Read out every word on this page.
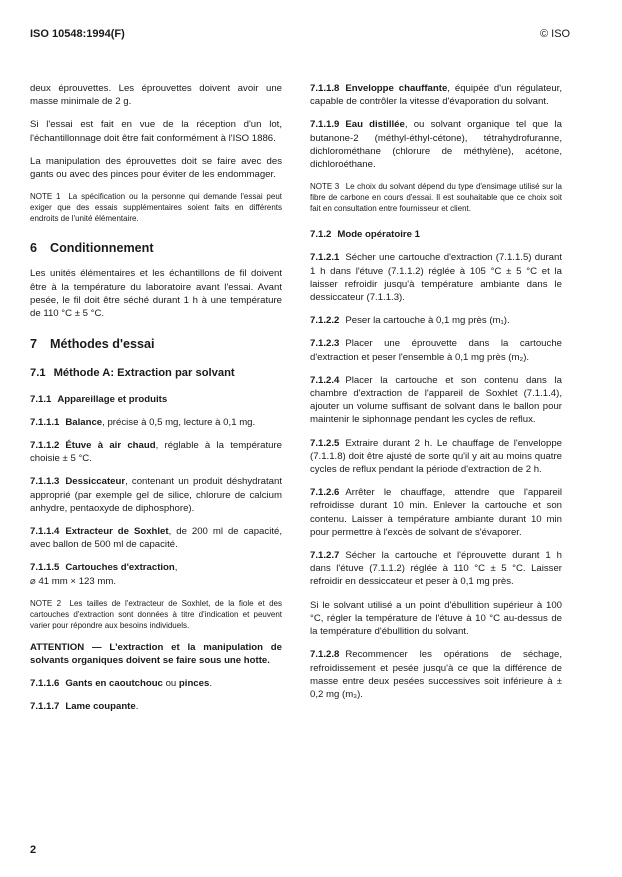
ISO 10548:1994(F)	© ISO

deux éprouvettes. Les éprouvettes doivent avoir une masse minimale de 2 g.

Si l'essai est fait en vue de la réception d'un lot, l'échantillonnage doit être fait conformément à l'ISO 1886.

La manipulation des éprouvettes doit se faire avec des gants ou avec des pinces pour éviter de les endommager.

NOTE 1 La spécification ou la personne qui demande l'essai peut exiger que des essais supplémentaires soient faits en différents endroits de l'unité élémentaire.
6 Conditionnement

Les unités élémentaires et les échantillons de fil doivent être à la température du laboratoire avant l'essai. Avant pesée, le fil doit être séché durant 1 h à une température de 110 °C ± 5 °C.

7 Méthodes d'essai
7.1 Méthode A: Extraction par solvant
7.1.1 Appareillage et produits

7.1.1.1 Balance, précise à 0,5 mg, lecture à 0,1 mg.

7.1.1.2 Étuve à air chaud, réglable à la température choisie ± 5 °C.

7.1.1.3 Dessiccateur, contenant un produit déshydratant approprié (par exemple gel de silice, chlorure de calcium anhydre, pentaoxyde de diphosphore).

7.1.1.4 Extracteur de Soxhlet, de 200 ml de capacité, avec ballon de 500 ml de capacité.

7.1.1.5 Cartouches d'extraction,
⌀ 41 mm × 123 mm.

NOTE 2 Les tailles de l'extracteur de Soxhlet, de la fiole et des cartouches d'extraction sont données à titre d'indication et peuvent varier pour répondre aux besoins individuels.
ATTENTION — L'extraction et la manipulation de solvants organiques doivent se faire sous une hotte.

7.1.1.6 Gants en caoutchouc ou pinces.

7.1.1.7 Lame coupante.

7.1.1.8 Enveloppe chauffante, équipée d'un régulateur, capable de contrôler la vitesse d'évaporation du solvant.

7.1.1.9 Eau distillée, ou solvant organique tel que la butanone-2 (méthyl-éthyl-cétone), tétrahydrofuranne, dichlorométhane (chlorure de méthylène), acétone, dichloroéthane.

NOTE 3 Le choix du solvant dépend du type d'ensimage utilisé sur la fibre de carbone en cours d'essai. Il est souhaitable que ce choix soit fait en consultation entre fournisseur et client.
7.1.2 Mode opératoire 1

7.1.2.1 Sécher une cartouche d'extraction (7.1.1.5) durant 1 h dans l'étuve (7.1.1.2) réglée à 105 °C ± 5 °C et la laisser refroidir jusqu'à température ambiante dans le dessiccateur (7.1.1.3).

7.1.2.2 Peser la cartouche à 0,1 mg près (m₁).

7.1.2.3 Placer une éprouvette dans la cartouche d'extraction et peser l'ensemble à 0,1 mg près (m₂).

7.1.2.4 Placer la cartouche et son contenu dans la chambre d'extraction de l'appareil de Soxhlet (7.1.1.4), ajouter un volume suffisant de solvant dans le ballon pour maintenir le siphonnage pendant les cycles de reflux.

7.1.2.5 Extraire durant 2 h. Le chauffage de l'enveloppe (7.1.1.8) doit être ajusté de sorte qu'il y ait au moins quatre cycles de reflux pendant la période d'extraction de 2 h.

7.1.2.6 Arrêter le chauffage, attendre que l'appareil refroidisse durant 10 min. Enlever la cartouche et son contenu. Laisser à température ambiante durant 10 min pour permettre à l'excès de solvant de s'évaporer.

7.1.2.7 Sécher la cartouche et l'éprouvette durant 1 h dans l'étuve (7.1.1.2) réglée à 110 °C ± 5 °C. Laisser refroidir en dessiccateur et peser à 0,1 mg près.

Si le solvant utilisé a un point d'ébullition supérieur à 100 °C, régler la température de l'étuve à 10 °C au-dessus de la température d'ébullition du solvant.

7.1.2.8 Recommencer les opérations de séchage, refroidissement et pesée jusqu'à ce que la différence de masse entre deux pesées successives soit inférieure à ± 0,2 mg (m₃).

2
